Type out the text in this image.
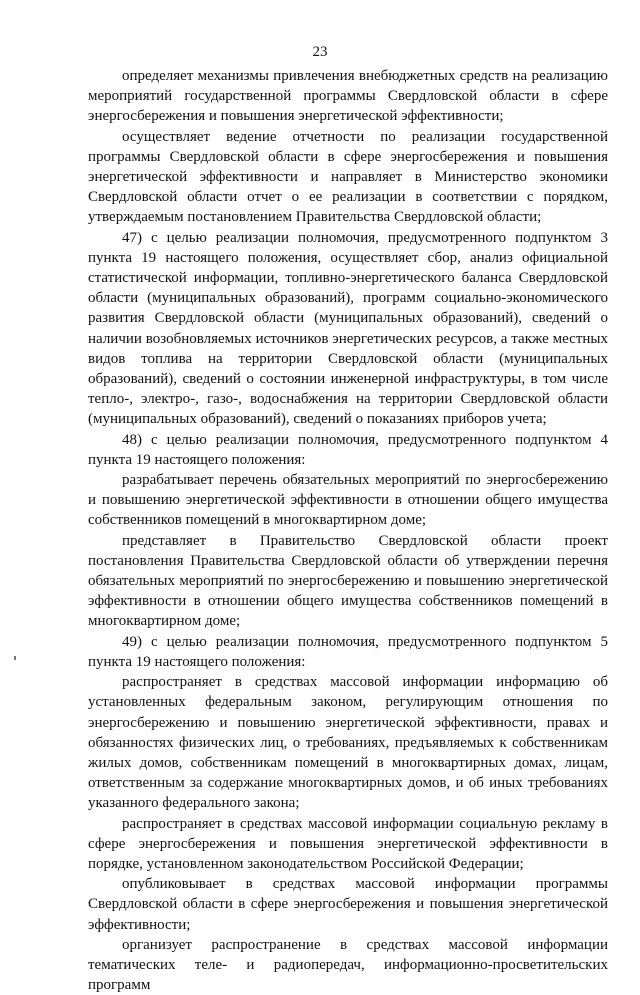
23

определяет механизмы привлечения внебюджетных средств на реализацию мероприятий государственной программы Свердловской области в сфере энергосбережения и повышения энергетической эффективности;

осуществляет ведение отчетности по реализации государственной программы Свердловской области в сфере энергосбережения и повышения энергетической эффективности и направляет в Министерство экономики Свердловской области отчет о ее реализации в соответствии с порядком, утверждаемым постановлением Правительства Свердловской области;

47) с целью реализации полномочия, предусмотренного подпунктом 3 пункта 19 настоящего положения, осуществляет сбор, анализ официальной статистической информации, топливно-энергетического баланса Свердловской области (муниципальных образований), программ социально-экономического развития Свердловской области (муниципальных образований), сведений о наличии возобновляемых источников энергетических ресурсов, а также местных видов топлива на территории Свердловской области (муниципальных образований), сведений о состоянии инженерной инфраструктуры, в том числе тепло-, электро-, газо-, водоснабжения на территории Свердловской области (муниципальных образований), сведений о показаниях приборов учета;

48) с целью реализации полномочия, предусмотренного подпунктом 4 пункта 19 настоящего положения:

разрабатывает перечень обязательных мероприятий по энергосбережению и повышению энергетической эффективности в отношении общего имущества собственников помещений в многоквартирном доме;

представляет в Правительство Свердловской области проект постановления Правительства Свердловской области об утверждении перечня обязательных мероприятий по энергосбережению и повышению энергетической эффективности в отношении общего имущества собственников помещений в многоквартирном доме;

49) с целью реализации полномочия, предусмотренного подпунктом 5 пункта 19 настоящего положения:

распространяет в средствах массовой информации информацию об установленных федеральным законом, регулирующим отношения по энергосбережению и повышению энергетической эффективности, правах и обязанностях физических лиц, о требованиях, предъявляемых к собственникам жилых домов, собственникам помещений в многоквартирных домах, лицам, ответственным за содержание многоквартирных домов, и об иных требованиях указанного федерального закона;

распространяет в средствах массовой информации социальную рекламу в сфере энергосбережения и повышения энергетической эффективности в порядке, установленном законодательством Российской Федерации;

опубликовывает в средствах массовой информации программы Свердловской области в сфере энергосбережения и повышения энергетической эффективности;

организует распространение в средствах массовой информации тематических теле- и радиопередач, информационно-просветительских программ
